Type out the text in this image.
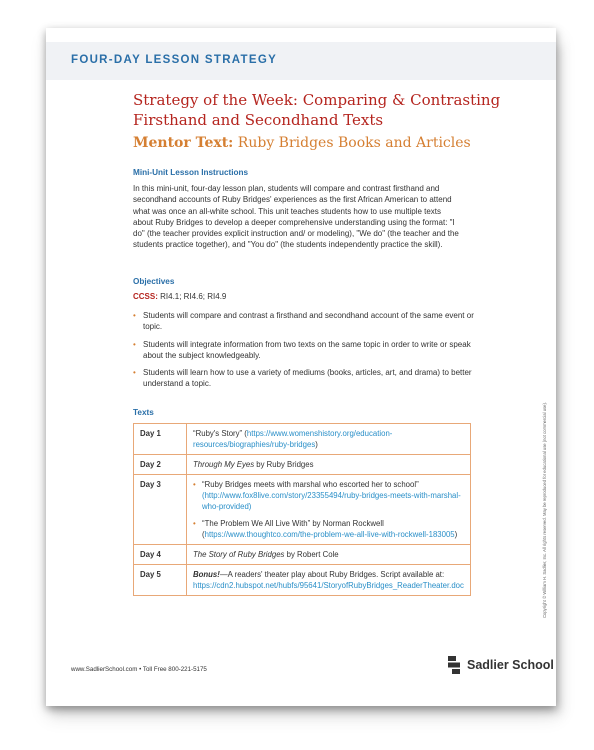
FOUR-DAY LESSON STRATEGY
Strategy of the Week: Comparing & Contrasting Firsthand and Secondhand Texts
Mentor Text: Ruby Bridges Books and Articles
Mini-Unit Lesson Instructions
In this mini-unit, four-day lesson plan, students will compare and contrast firsthand and secondhand accounts of Ruby Bridges' experiences as the first African American to attend what was once an all-white school. This unit teaches students how to use multiple texts about Ruby Bridges to develop a deeper comprehensive understanding using the format: "I do" (the teacher provides explicit instruction and/ or modeling), "We do" (the teacher and the students practice together), and "You do" (the students independently practice the skill).
Objectives
CCSS: RI4.1; RI4.6; RI4.9
• Students will compare and contrast a firsthand and secondhand account of the same event or topic.
• Students will integrate information from two texts on the same topic in order to write or speak about the subject knowledgeably.
• Students will learn how to use a variety of mediums (books, articles, art, and drama) to better understand a topic.
Texts
Day 1	“Ruby's Story” (https://www.womenshistory.org/education-resources/biographies/ruby-bridges)
Day 2	Through My Eyes by Ruby Bridges
Day 3	• “Ruby Bridges meets with marshal who escorted her to school” (http://www.fox8live.com/story/23355494/ruby-bridges-meets-with-marshal-who-provided)
• “The Problem We All Live With” by Norman Rockwell (https://www.thoughtco.com/the-problem-we-all-live-with-rockwell-183005)

Day 4	The Story of Ruby Bridges by Robert Cole
Day 5	Bonus!—A readers' theater play about Ruby Bridges. Script available at: https://cdn2.hubspot.net/hubfs/95641/StoryofRubyBridges_ReaderTheater.doc
www.SadlierSchool.com • Toll Free 800-221-5175	Sadlier School
Copyright © William H. Sadlier, Inc. All rights reserved. May be reproduced for educational use (not commercial use).
